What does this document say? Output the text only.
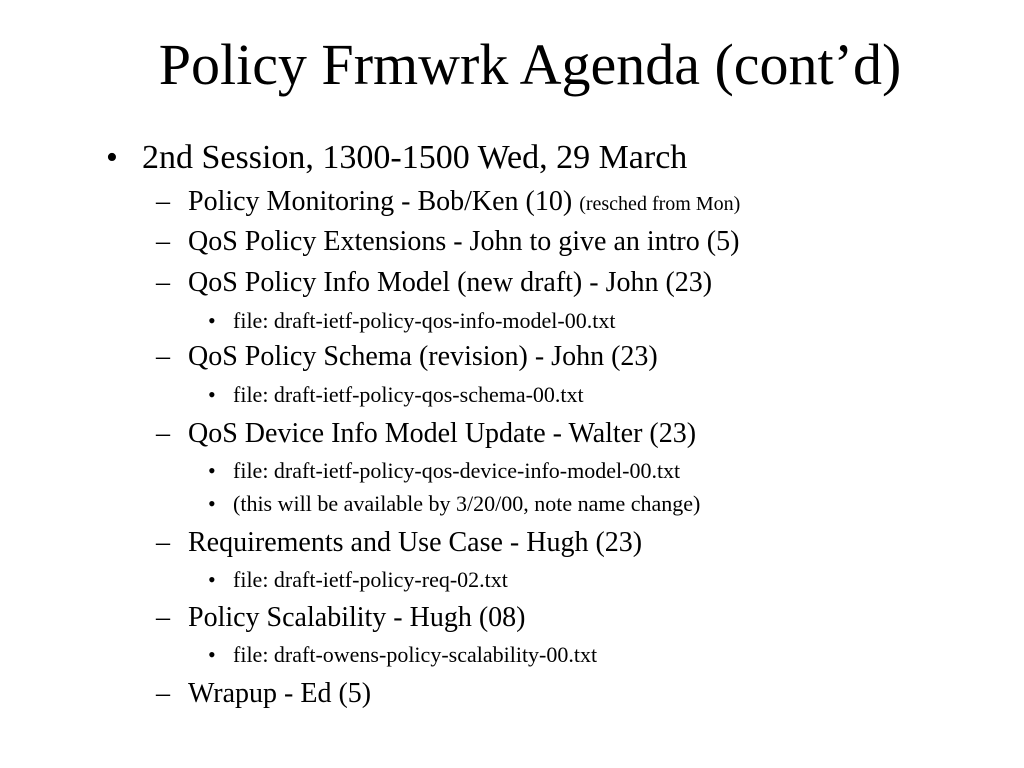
Policy Frmwrk Agenda (cont’d)
• 2nd Session, 1300-1500 Wed, 29 March
– Policy Monitoring - Bob/Ken (10) (resched from Mon)
– QoS Policy Extensions - John to give an intro (5)
– QoS Policy Info Model (new draft) - John (23)
• file: draft-ietf-policy-qos-info-model-00.txt
– QoS Policy Schema (revision) - John (23)
• file: draft-ietf-policy-qos-schema-00.txt
– QoS Device Info Model Update - Walter (23)
• file: draft-ietf-policy-qos-device-info-model-00.txt
• (this will be available by 3/20/00, note name change)
– Requirements and Use Case - Hugh (23)
• file: draft-ietf-policy-req-02.txt
– Policy Scalability - Hugh (08)
• file: draft-owens-policy-scalability-00.txt
– Wrapup - Ed (5)
